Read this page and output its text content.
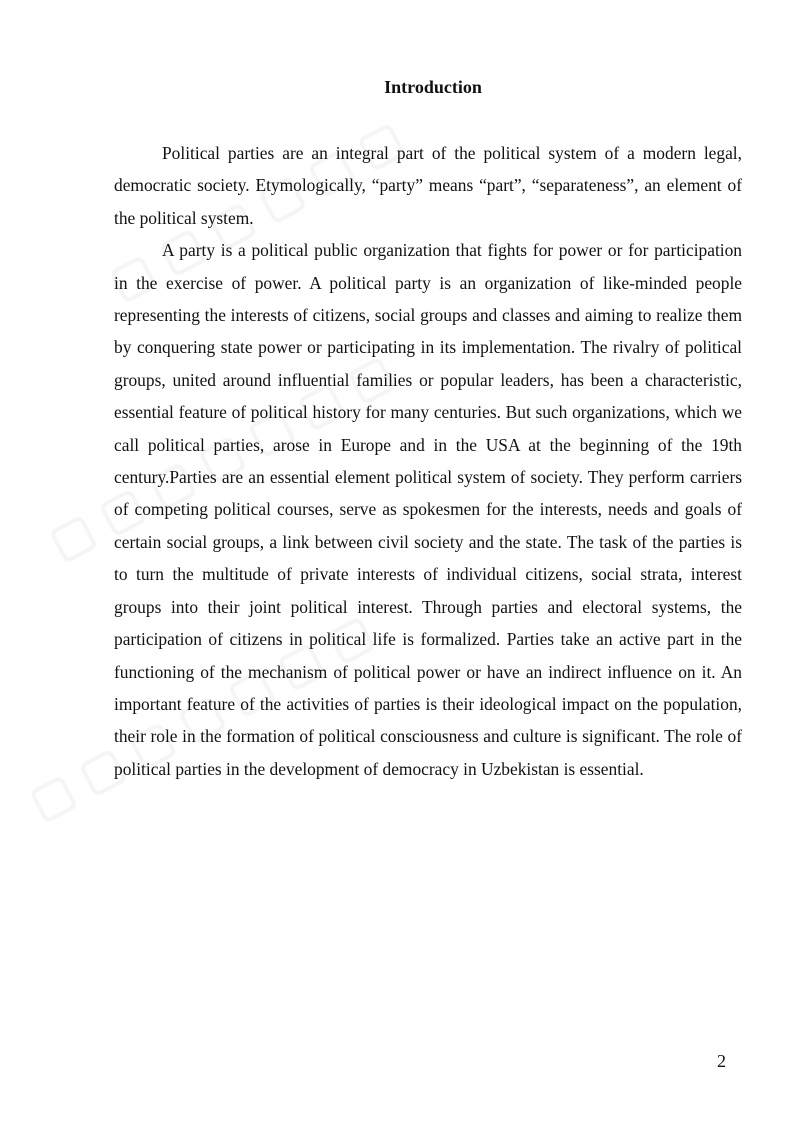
Introduction

Political parties are an integral part of the political system of a modern legal, democratic society. Etymologically, “party” means “part”, “separateness”, an element of the political system.

A party is a political public organization that fights for power or for participation in the exercise of power. A political party is an organization of like-minded people representing the interests of citizens, social groups and classes and aiming to realize them by conquering state power or participating in its implementation. The rivalry of political groups, united around influential families or popular leaders, has been a characteristic, essential feature of political history for many centuries. But such organizations, which we call political parties, arose in Europe and in the USA at the beginning of the 19th century.Parties are an essential element political system of society. They perform carriers of competing political courses, serve as spokesmen for the interests, needs and goals of certain social groups, a link between civil society and the state. The task of the parties is to turn the multitude of private interests of individual citizens, social strata, interest groups into their joint political interest. Through parties and electoral systems, the participation of citizens in political life is formalized. Parties take an active part in the functioning of the mechanism of political power or have an indirect influence on it. An important feature of the activities of parties is their ideological impact on the population, their role in the formation of political consciousness and culture is significant. The role of political parties in the development of democracy in Uzbekistan is essential.

2
